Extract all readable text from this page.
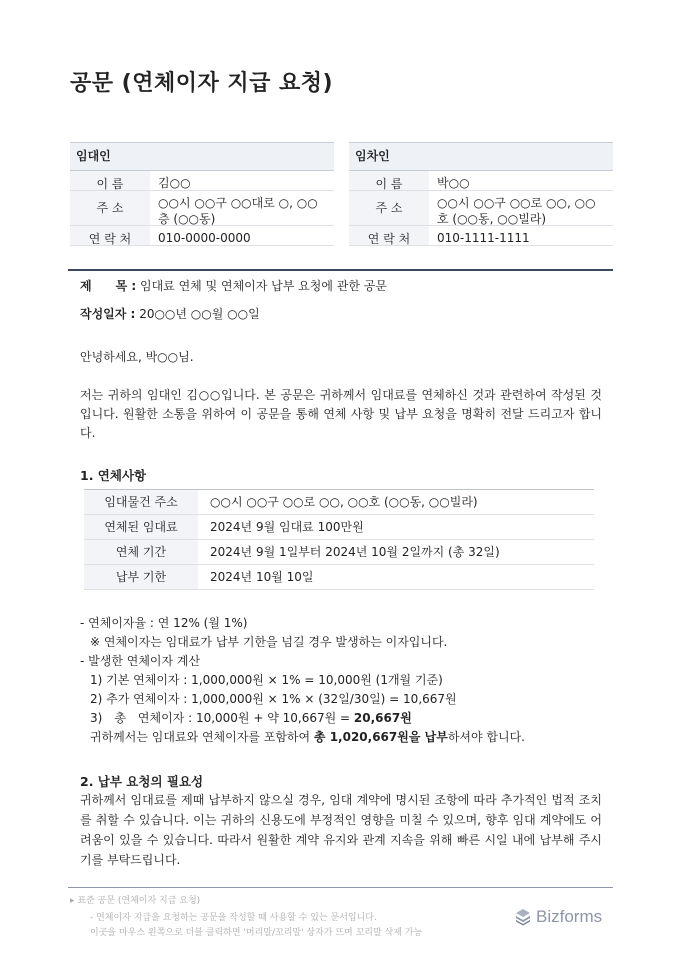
공문 (연체이자 지급 요청)
임대인
이 름	김○○
주 소	○○시 ○○구 ○○대로 ○, ○○층 (○○동)
연 락 처	010-0000-0000
임차인
이 름	박○○
주 소	○○시 ○○구 ○○로 ○○, ○○호 (○○동, ○○빌라)
연 락 처	010-1111-1111
제　　목 : 임대료 연체 및 연체이자 납부 요청에 관한 공문
작성일자 : 20○○년 ○○월 ○○일
안녕하세요, 박○○님.
저는 귀하의 임대인 김○○입니다. 본 공문은 귀하께서 임대료를 연체하신 것과 관련하여 작성된 것입니다. 원활한 소통을 위하여 이 공문을 통해 연체 사항 및 납부 요청을 명확히 전달 드리고자 합니다.
1. 연체사항
임대물건 주소	○○시 ○○구 ○○로 ○○, ○○호 (○○동, ○○빌라)
연체된 임대료	2024년 9월 임대료 100만원
연체 기간	2024년 9월 1일부터 2024년 10월 2일까지 (총 32일)
납부 기한	2024년 10월 10일
- 연체이자율 : 연 12% (월 1%)
※ 연체이자는 임대료가 납부 기한을 넘길 경우 발생하는 이자입니다.
- 발생한 연체이자 계산
1) 기본 연체이자 : 1,000,000원 × 1% = 10,000원 (1개월 기준)
2) 추가 연체이자 : 1,000,000원 × 1% × (32일/30일) = 10,667원
3)　총　연체이자 : 10,000원 + 약 10,667원 = 20,667원
귀하께서는 임대료와 연체이자를 포함하여 총 1,020,667원을 납부하셔야 합니다.
2. 납부 요청의 필요성
귀하께서 임대료를 제때 납부하지 않으실 경우, 임대 계약에 명시된 조항에 따라 추가적인 법적 조치를 취할 수 있습니다. 이는 귀하의 신용도에 부정적인 영향을 미칠 수 있으며, 향후 임대 계약에도 어려움이 있을 수 있습니다. 따라서 원활한 계약 유지와 관계 지속을 위해 빠른 시일 내에 납부해 주시기를 부탁드립니다.
▸ 표준 공문 (연체이자 지급 요청)
- 연체이자 지급을 요청하는 공문을 작성할 때 사용할 수 있는 문서입니다.
이곳을 마우스 왼쪽으로 더블 클릭하면 '머리말/꼬리말' 상자가 뜨며 꼬리말 삭제 가능
Bizforms
